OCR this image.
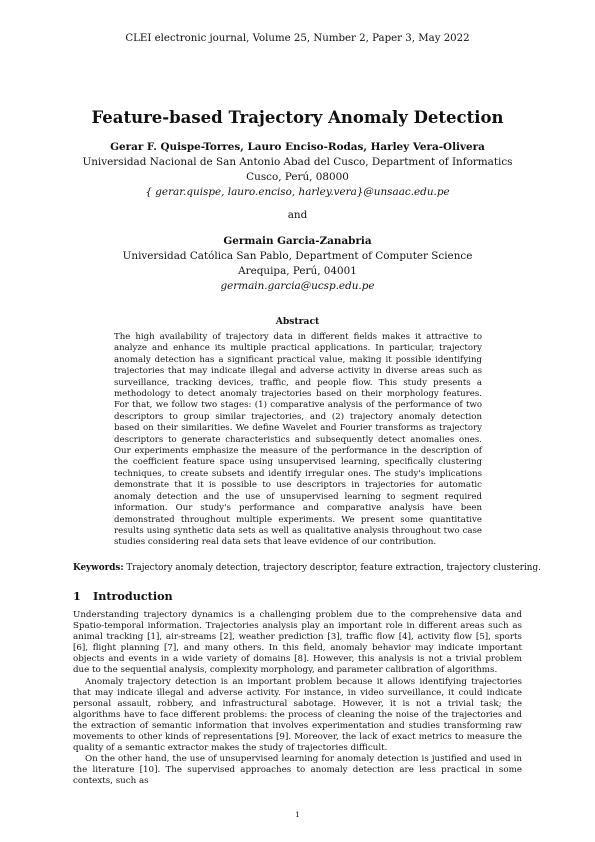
CLEI electronic journal, Volume 25, Number 2, Paper 3, May 2022
Feature-based Trajectory Anomaly Detection
Gerar F. Quispe-Torres, Lauro Enciso-Rodas, Harley Vera-Olivera
Universidad Nacional de San Antonio Abad del Cusco, Department of Informatics
Cusco, Perú, 08000
{ gerar.quispe, lauro.enciso, harley.vera}@unsaac.edu.pe
and
Germain Garcia-Zanabria
Universidad Católica San Pablo, Department of Computer Science
Arequipa, Perú, 04001
germain.garcia@ucsp.edu.pe
Abstract

The high availability of trajectory data in different fields makes it attractive to analyze and enhance its multiple practical applications. In particular, trajectory anomaly detection has a significant practical value, making it possible identifying trajectories that may indicate illegal and adverse activity in diverse areas such as surveillance, tracking devices, traffic, and people flow. This study presents a methodology to detect anomaly trajectories based on their morphology features. For that, we follow two stages: (1) comparative analysis of the performance of two descriptors to group similar trajectories, and (2) trajectory anomaly detection based on their similarities. We define Wavelet and Fourier transforms as trajectory descriptors to generate characteristics and subsequently detect anomalies ones. Our experiments emphasize the measure of the performance in the description of the coefficient feature space using unsupervised learning, specifically clustering techniques, to create subsets and identify irregular ones. The study's implications demonstrate that it is possible to use descriptors in trajectories for automatic anomaly detection and the use of unsupervised learning to segment required information. Our study's performance and comparative analysis have been demonstrated throughout multiple experiments. We present some quantitative results using synthetic data sets as well as qualitative analysis throughout two case studies considering real data sets that leave evidence of our contribution.

Keywords: Trajectory anomaly detection, trajectory descriptor, feature extraction, trajectory clustering.

1 Introduction

Understanding trajectory dynamics is a challenging problem due to the comprehensive data and Spatio-temporal information. Trajectories analysis play an important role in different areas such as animal tracking [1], air-streams [2], weather prediction [3], traffic flow [4], activity flow [5], sports [6], flight planning [7], and many others. In this field, anomaly behavior may indicate important objects and events in a wide variety of domains [8]. However, this analysis is not a trivial problem due to the sequential analysis, complexity morphology, and parameter calibration of algorithms.

Anomaly trajectory detection is an important problem because it allows identifying trajectories that may indicate illegal and adverse activity. For instance, in video surveillance, it could indicate personal assault, robbery, and infrastructural sabotage. However, it is not a trivial task; the algorithms have to face different problems: the process of cleaning the noise of the trajectories and the extraction of semantic information that involves experimentation and studies transforming raw movements to other kinds of representations [9]. Moreover, the lack of exact metrics to measure the quality of a semantic extractor makes the study of trajectories difficult.

On the other hand, the use of unsupervised learning for anomaly detection is justified and used in the literature [10]. The supervised approaches to anomaly detection are less practical in some contexts, such as

1
